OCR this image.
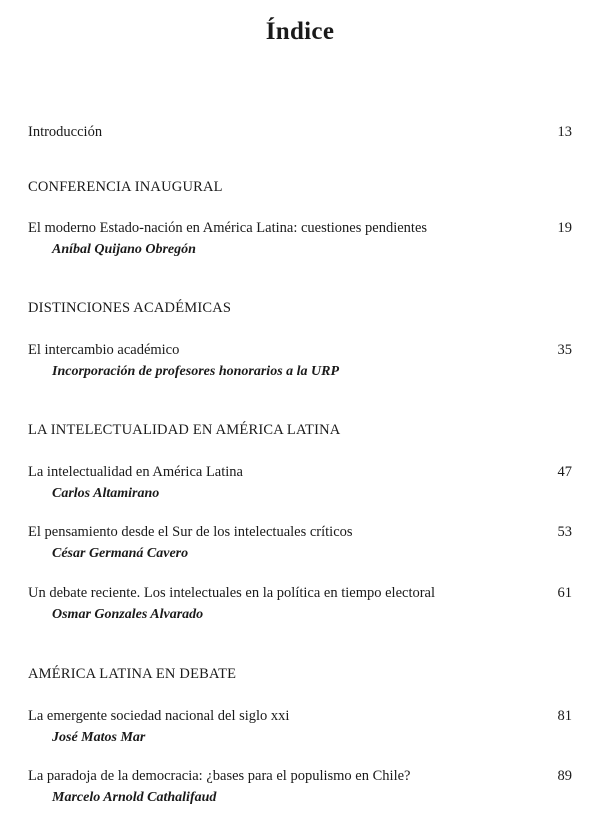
Índice
Introducción	13
CONFERENCIA INAUGURAL
El moderno Estado-nación en América Latina: cuestiones pendientes
Aníbal Quijano Obregón
19
DISTINCIONES ACADÉMICAS
El intercambio académico
Incorporación de profesores honorarios a la URP
35
LA INTELECTUALIDAD EN AMÉRICA LATINA
La intelectualidad en América Latina
Carlos Altamirano
47
El pensamiento desde el Sur de los intelectuales críticos
César Germaná Cavero
53
Un debate reciente. Los intelectuales en la política en tiempo electoral
Osmar Gonzales Alvarado
61
AMÉRICA LATINA EN DEBATE
La emergente sociedad nacional del siglo xxi
José Matos Mar
81
La paradoja de la democracia: ¿bases para el populismo en Chile?
Marcelo Arnold Cathalifaud
89
